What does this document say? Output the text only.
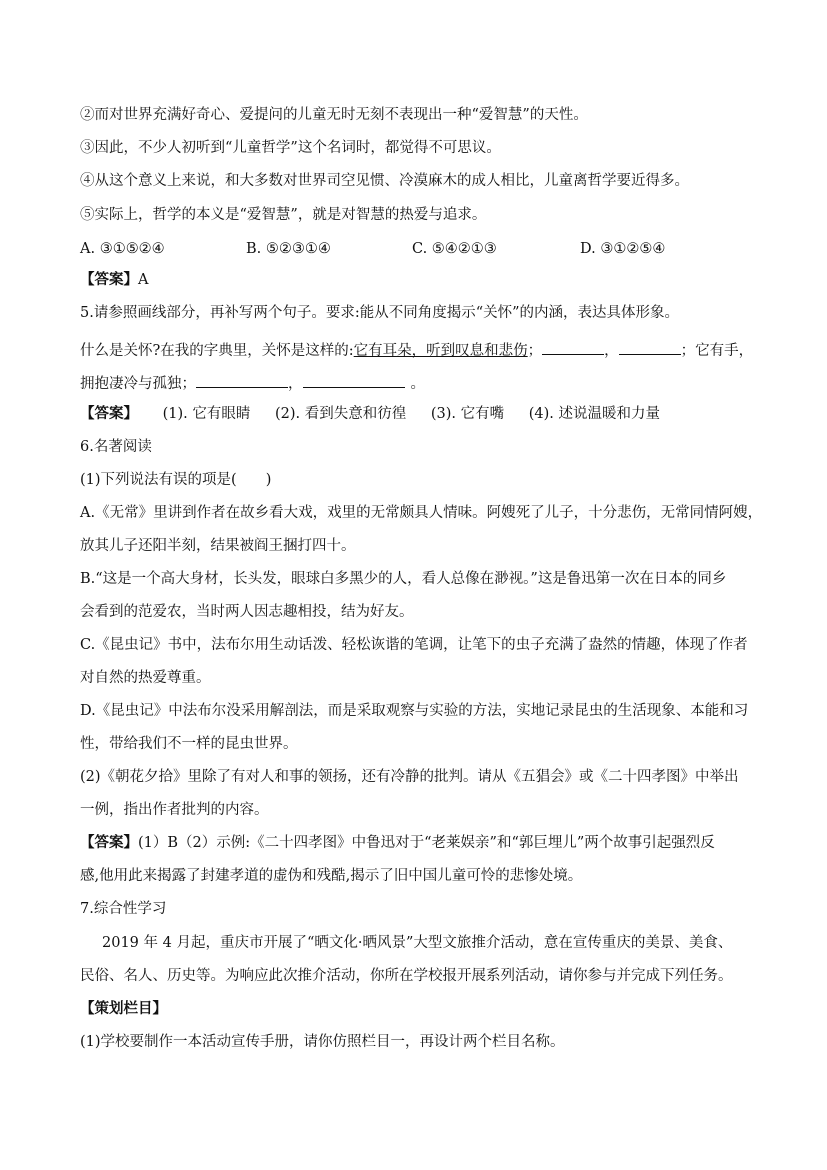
②而对世界充满好奇心、爱提问的儿童无时无刻不表现出一种“爱智慧”的天性。
③因此，不少人初听到“儿童哲学”这个名词时，都觉得不可思议。
④从这个意义上来说，和大多数对世界司空见惯、冷漠麻木的成人相比，儿童离哲学要近得多。
⑤实际上，哲学的本义是“爱智慧”，就是对智慧的热爱与追求。
A. ③①⑤②④	B. ⑤②③①④	C. ⑤④②①③	D. ③①②⑤④
【答案】A
5.请参照画线部分，再补写两个句子。要求:能从不同角度揭示“关怀”的内涵，表达具体形象。
什么是关怀?在我的字典里，关怀是这样的:它有耳朵，听到叹息和悲伤；	，	；它有手，
拥抱凄冷与孤独；	，	。
【答案】 (1). 它有眼睛 (2). 看到失意和彷徨 (3). 它有嘴 (4). 述说温暖和力量
6.名著阅读
(1)下列说法有误的项是(　　)
A.《无常》里讲到作者在故乡看大戏，戏里的无常颇具人情味。阿嫂死了儿子，十分悲伤，无常同情阿嫂，
放其儿子还阳半刻，结果被阎王捆打四十。
B.“这是一个高大身材，长头发，眼球白多黑少的人，看人总像在渺视。”这是鲁迅第一次在日本的同乡
会看到的范爱农，当时两人因志趣相投，结为好友。
C.《昆虫记》书中，法布尔用生动话泼、轻松诙谐的笔调，让笔下的虫子充满了盎然的情趣，体现了作者
对自然的热爱尊重。
D.《昆虫记》中法布尔没采用解剖法，而是采取观察与实验的方法，实地记录昆虫的生活现象、本能和习
性，带给我们不一样的昆虫世界。
(2)《朝花夕拾》里除了有对人和事的领扬，还有冷静的批判。请从《五猖会》或《二十四孝图》中举出
一例，指出作者批判的内容。
【答案】(1）B（2）示例:《二十四孝图》中鲁迅对于“老莱娱亲”和“郭巨埋儿”两个故事引起强烈反
感,他用此来揭露了封建孝道的虚伪和残酷,揭示了旧中国儿童可怜的悲惨处境。
7.综合性学习
2019 年 4 月起，重庆市开展了“晒文化·晒风景”大型文旅推介活动，意在宣传重庆的美景、美食、
民俗、名人、历史等。为响应此次推介活动，你所在学校报开展系列活动，请你参与并完成下列任务。
【策划栏目】
(1)学校要制作一本活动宣传手册，请你仿照栏目一，再设计两个栏目名称。
